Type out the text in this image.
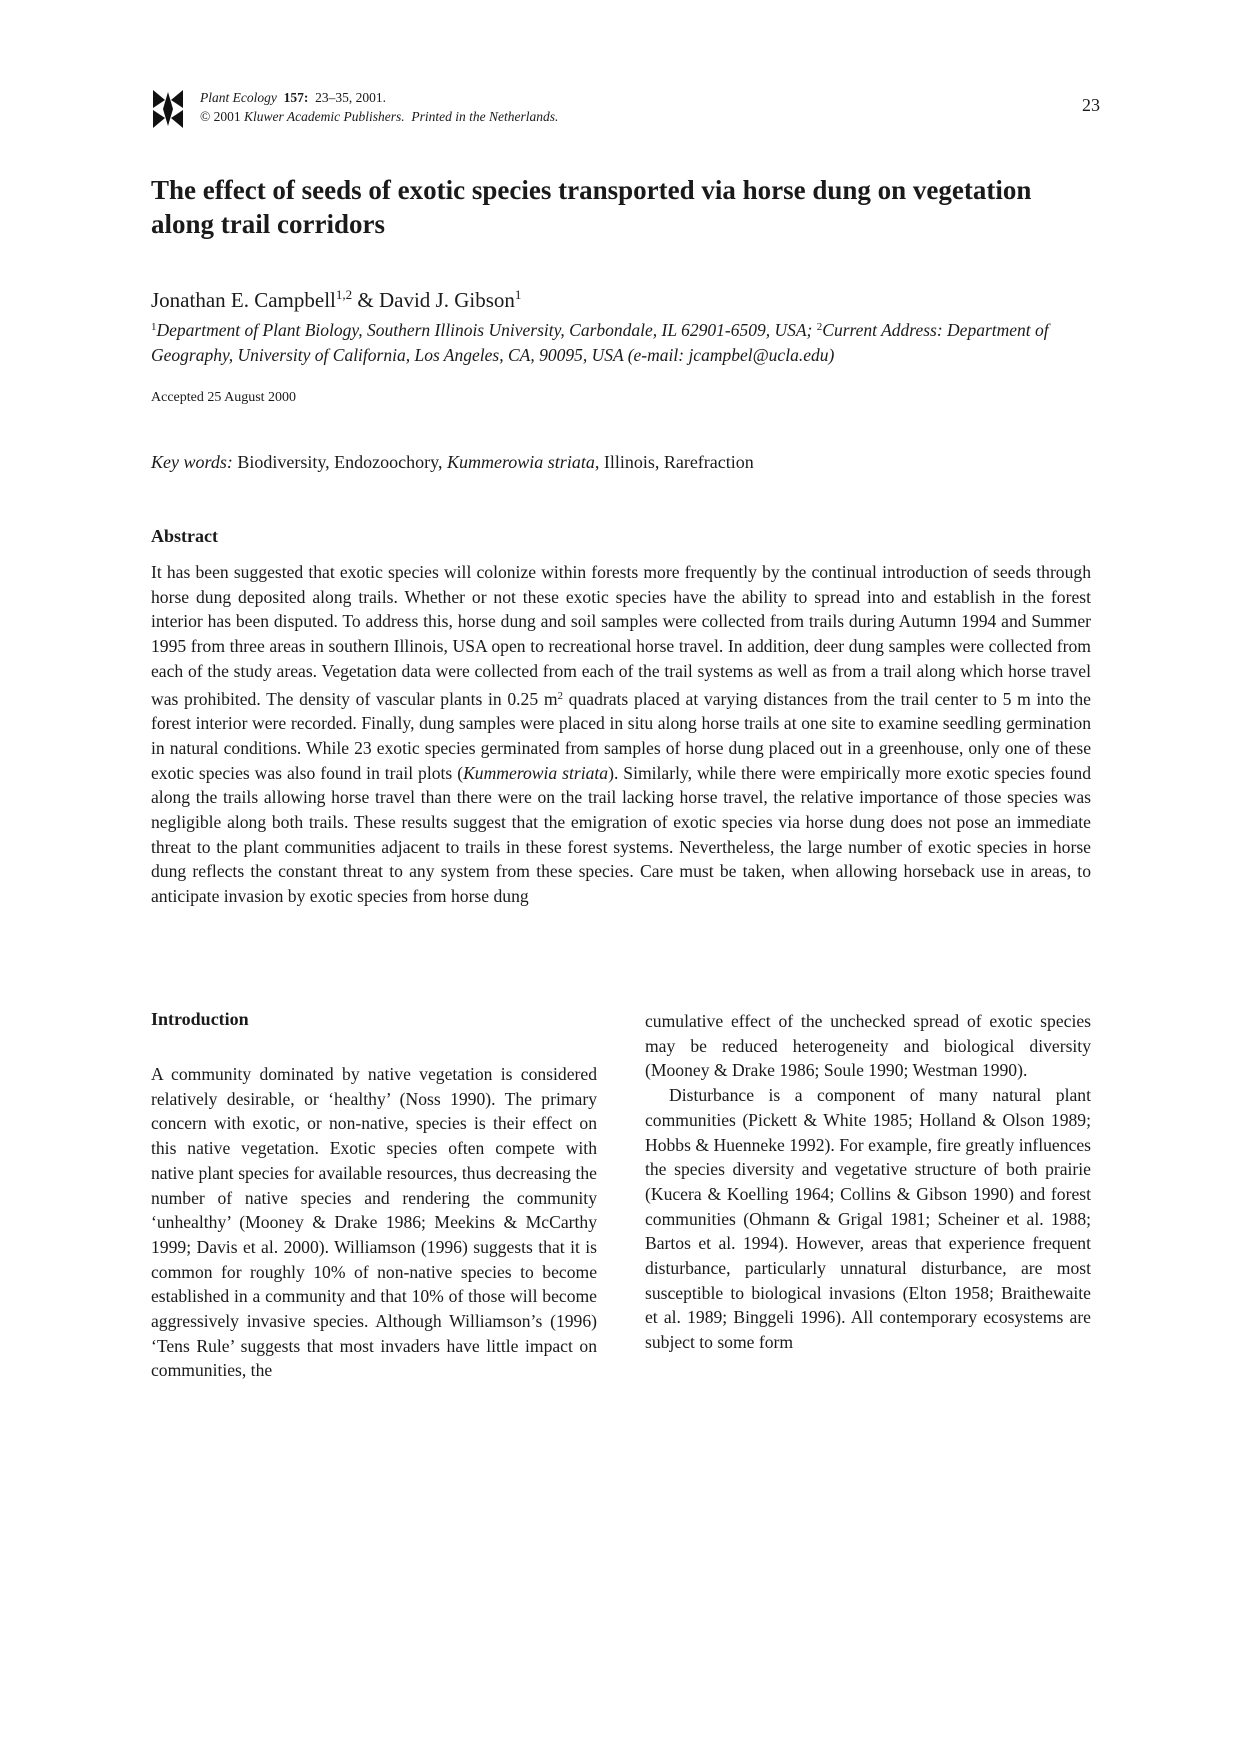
Plant Ecology 157: 23–35, 2001.
© 2001 Kluwer Academic Publishers. Printed in the Netherlands.
23
The effect of seeds of exotic species transported via horse dung on vegetation along trail corridors
Jonathan E. Campbell$^{1,2}$ & David J. Gibson$^1$
$^1$Department of Plant Biology, Southern Illinois University, Carbondale, IL 62901-6509, USA; $^2$Current Address: Department of Geography, University of California, Los Angeles, CA, 90095, USA (e-mail: jcampbel@ucla.edu)
Accepted 25 August 2000
Key words: Biodiversity, Endozoochory, Kummerowia striata, Illinois, Rarefraction
Abstract
It has been suggested that exotic species will colonize within forests more frequently by the continual introduction of seeds through horse dung deposited along trails. Whether or not these exotic species have the ability to spread into and establish in the forest interior has been disputed. To address this, horse dung and soil samples were collected from trails during Autumn 1994 and Summer 1995 from three areas in southern Illinois, USA open to recreational horse travel. In addition, deer dung samples were collected from each of the study areas. Vegetation data were collected from each of the trail systems as well as from a trail along which horse travel was prohibited. The density of vascular plants in 0.25 $m^2$ quadrats placed at varying distances from the trail center to 5 m into the forest interior were recorded. Finally, dung samples were placed in situ along horse trails at one site to examine seedling germination in natural conditions. While 23 exotic species germinated from samples of horse dung placed out in a greenhouse, only one of these exotic species was also found in trail plots (Kummerowia striata). Similarly, while there were empirically more exotic species found along the trails allowing horse travel than there were on the trail lacking horse travel, the relative importance of those species was negligible along both trails. These results suggest that the emigration of exotic species via horse dung does not pose an immediate threat to the plant communities adjacent to trails in these forest systems. Nevertheless, the large number of exotic species in horse dung reflects the constant threat to any system from these species. Care must be taken, when allowing horseback use in areas, to anticipate invasion by exotic species from horse dung
Introduction

A community dominated by native vegetation is considered relatively desirable, or ‘healthy’ (Noss 1990). The primary concern with exotic, or non-native, species is their effect on this native vegetation. Exotic species often compete with native plant species for available resources, thus decreasing the number of native species and rendering the community ‘unhealthy’ (Mooney & Drake 1986; Meekins & McCarthy 1999; Davis et al. 2000). Williamson (1996) suggests that it is common for roughly 10% of non-native species to become established in a community and that 10% of those will become aggressively invasive species. Although Williamson’s (1996) ‘Tens Rule’ suggests that most invaders have little impact on communities, the

cumulative effect of the unchecked spread of exotic species may be reduced heterogeneity and biological diversity (Mooney & Drake 1986; Soule 1990; Westman 1990).

Disturbance is a component of many natural plant communities (Pickett & White 1985; Holland & Olson 1989; Hobbs & Huenneke 1992). For example, fire greatly influences the species diversity and vegetative structure of both prairie (Kucera & Koelling 1964; Collins & Gibson 1990) and forest communities (Ohmann & Grigal 1981; Scheiner et al. 1988; Bartos et al. 1994). However, areas that experience frequent disturbance, particularly unnatural disturbance, are most susceptible to biological invasions (Elton 1958; Braithewaite et al. 1989; Binggeli 1996). All contemporary ecosystems are subject to some form
